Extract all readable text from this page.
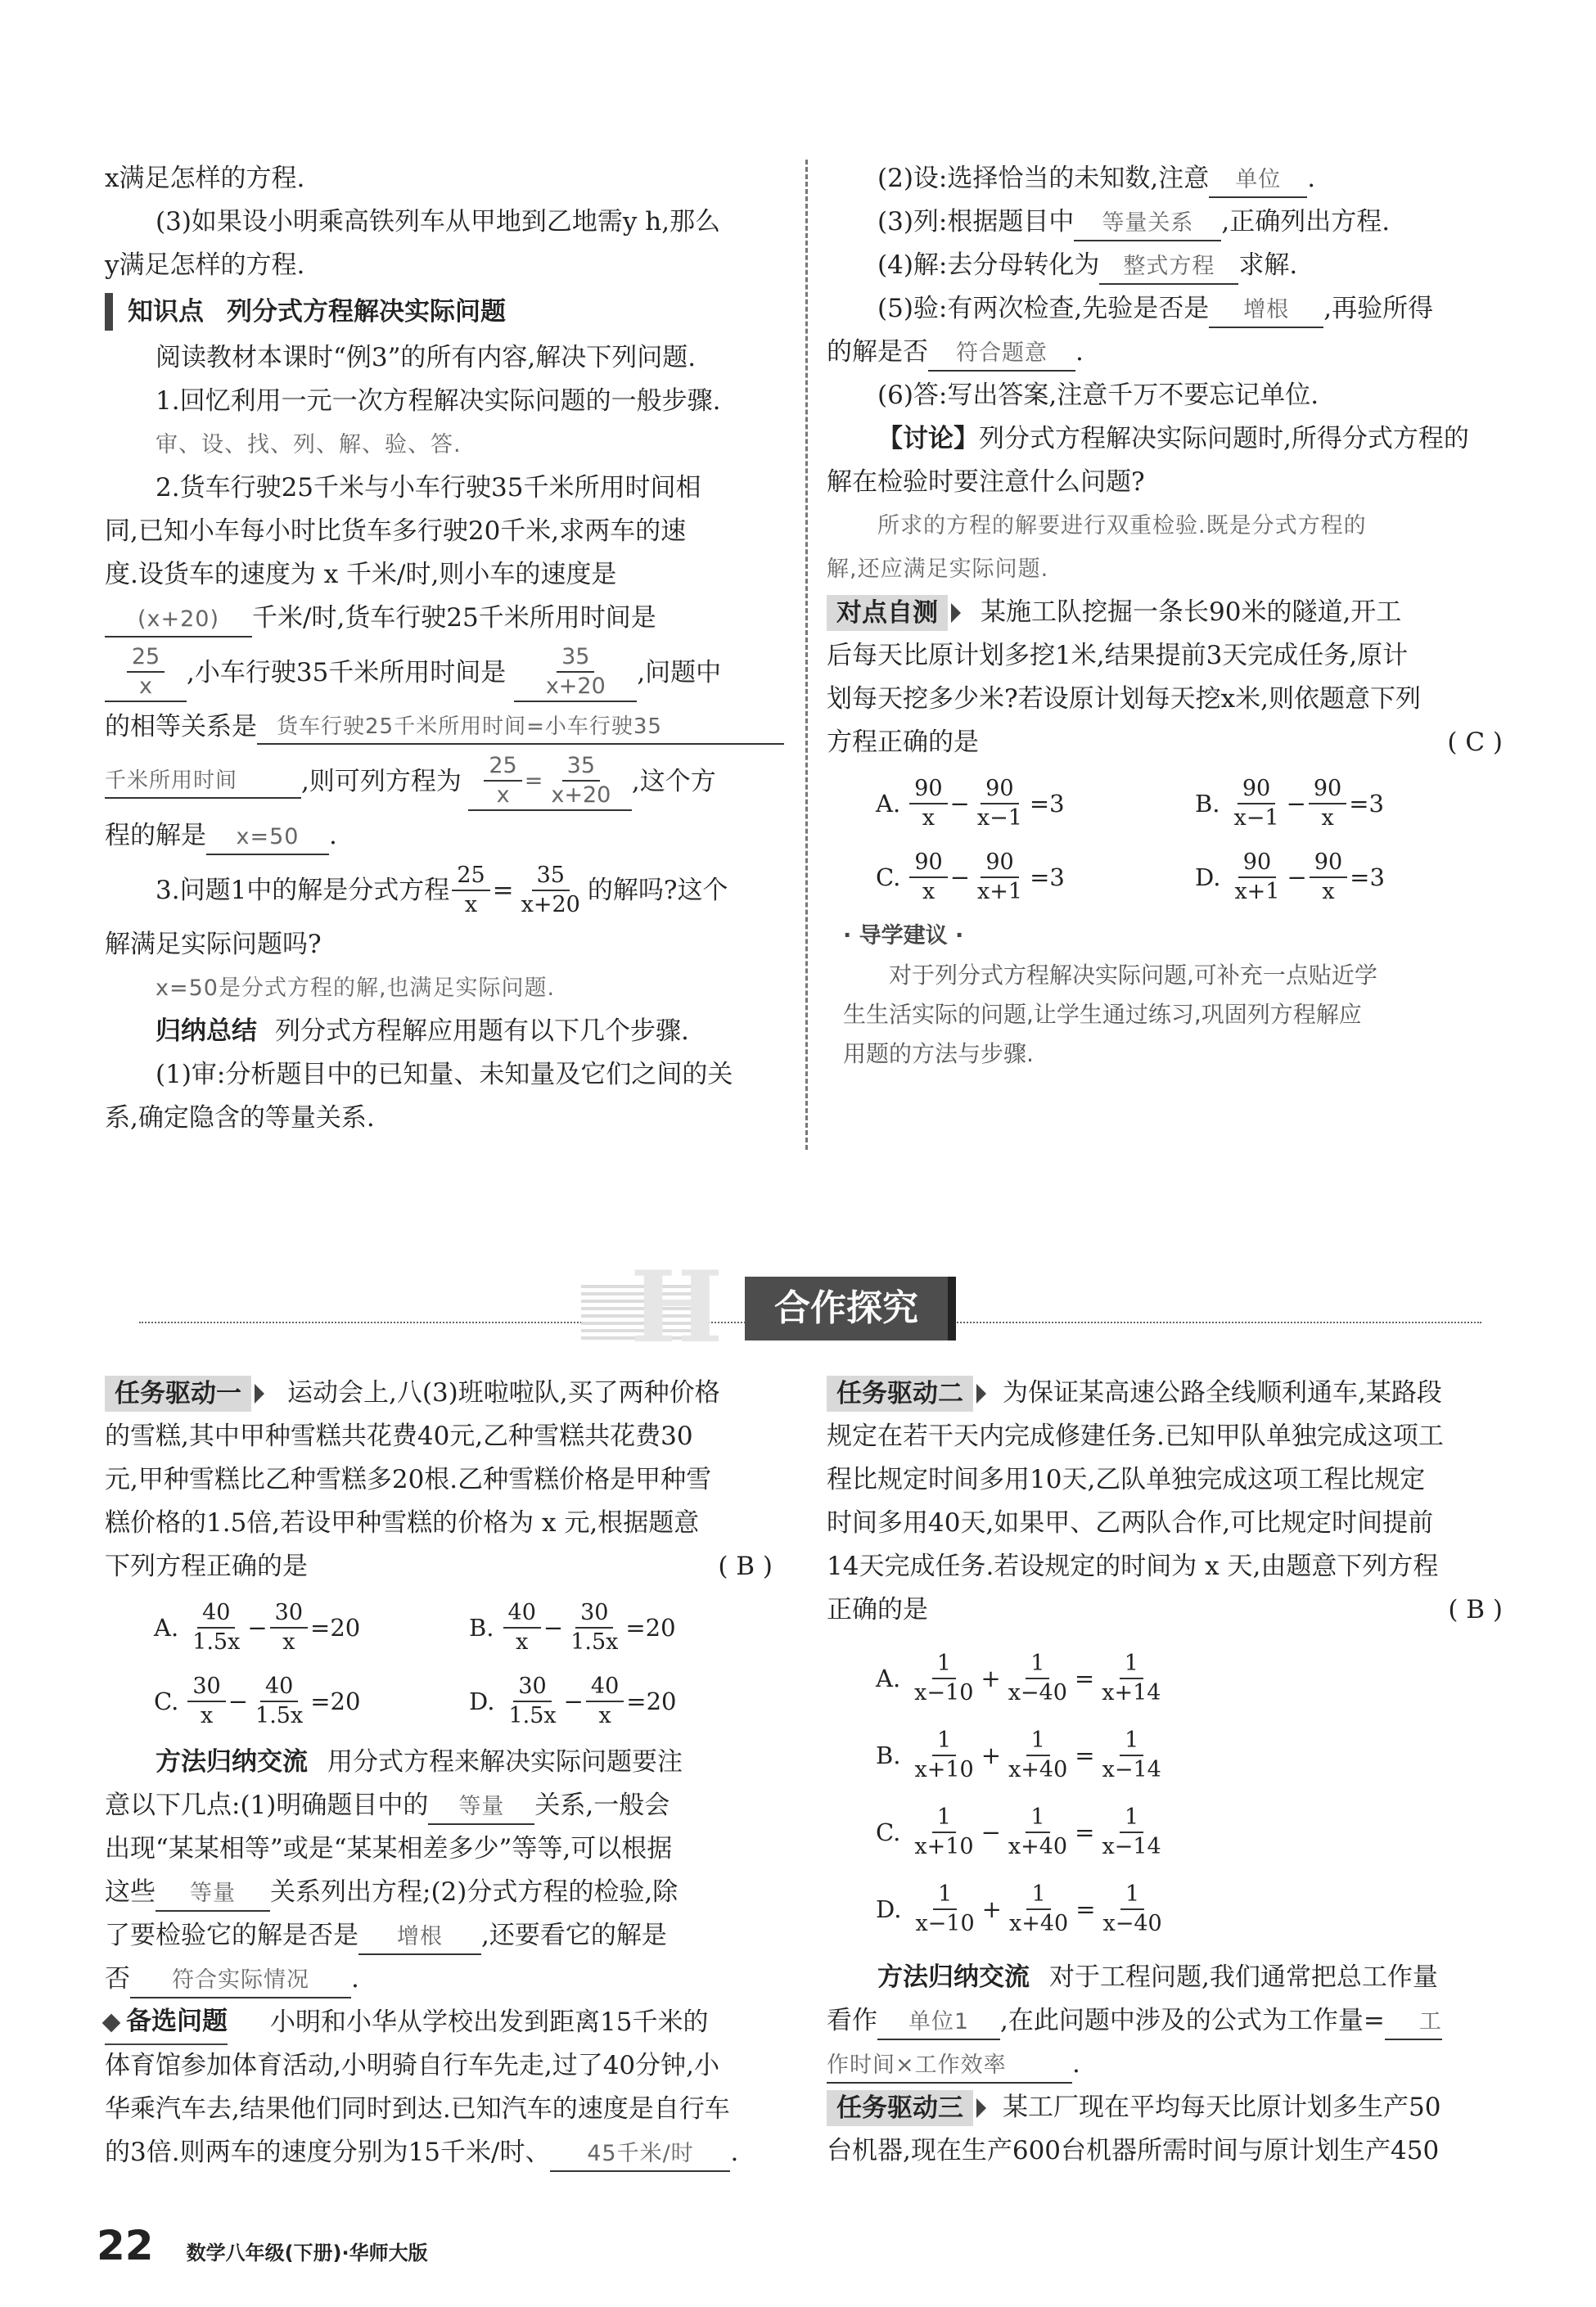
x满足怎样的方程.
(3)如果设小明乘高铁列车从甲地到乙地需y h,那么
y满足怎样的方程.
知识点 列分式方程解决实际问题
阅读教材本课时“例3”的所有内容,解决下列问题.
1.回忆利用一元一次方程解决实际问题的一般步骤.
审、设、找、列、解、验、答.
2.货车行驶25千米与小车行驶35千米所用时间相
同,已知小车每小时比货车多行驶20千米,求两车的速
度.设货车的速度为 x 千米/时,则小车的速度是
(x+20) 千米/时,货车行驶25千米所用时间是
$\frac{25}{x}$ ,小车行驶35千米所用时间是 $\frac{35}{x+20}$ ,问题中
的相等关系是 货车行驶25千米所用时间=小车行驶35
千米所用时间	,则可列方程为 $\frac{25}{x} = \frac{35}{x+20}$ ,这个方
程的解是 x=50 .
3.问题1中的解是分式方程 $\frac{25}{x} = \frac{35}{x+20}$ 的解吗?这个
解满足实际问题吗?
x=50是分式方程的解,也满足实际问题.
归纳总结 列分式方程解应用题有以下几个步骤.
(1)审:分析题目中的已知量、未知量及它们之间的关
系,确定隐含的等量关系.
(2)设:选择恰当的未知数,注意 单位 .
(3)列:根据题目中 等量关系 ,正确列出方程.
(4)解:去分母转化为 整式方程 求解.
(5)验:有两次检查,先验是否是 增根 ,再验所得
的解是否 符合题意 .
(6)答:写出答案,注意千万不要忘记单位.
【讨论】列分式方程解决实际问题时,所得分式方程的
解在检验时要注意什么问题?
所求的方程的解要进行双重检验.既是分式方程的
解,还应满足实际问题.
对点自测	某施工队挖掘一条长90米的隧道,开工
后每天比原计划多挖1米,结果提前3天完成任务,原计
划每天挖多少米?若设原计划每天挖x米,则依题意下列
方程正确的是	( C )
A. $\frac{90}{x} - \frac{90}{x-1} =3$	B. $\frac{90}{x-1} - \frac{90}{x} =3$
C. $\frac{90}{x} - \frac{90}{x+1} =3$	D. $\frac{90}{x+1} - \frac{90}{x} =3$
· 导学建议 ·
对于列分式方程解决实际问题,可补充一点贴近学
生生活实际的问题,让学生通过练习,巩固列方程解应
用题的方法与步骤.
H	合作探究
任务驱动一	运动会上,八(3)班啦啦队,买了两种价格
的雪糕,其中甲种雪糕共花费40元,乙种雪糕共花费30
元,甲种雪糕比乙种雪糕多20根.乙种雪糕价格是甲种雪
糕价格的1.5倍,若设甲种雪糕的价格为 x 元,根据题意
下列方程正确的是	( B )
A. $\frac{40}{1.5x} - \frac{30}{x} =20$	B. $\frac{40}{x} - \frac{30}{1.5x} =20$
C. $\frac{30}{x} - \frac{40}{1.5x} =20$	D. $\frac{30}{1.5x} - \frac{40}{x} =20$
方法归纳交流 用分式方程来解决实际问题要注
意以下几点:(1)明确题目中的 等量 关系,一般会
出现“某某相等”或是“某某相差多少”等等,可以根据
这些 等量 关系列出方程;(2)分式方程的检验,除
了要检验它的解是否是 增根 ,还要看它的解是
否 符合实际情况 .
备选问题 小明和小华从学校出发到距离15千米的
体育馆参加体育活动,小明骑自行车先走,过了40分钟,小
华乘汽车去,结果他们同时到达.已知汽车的速度是自行车
的3倍.则两车的速度分别为15千米/时、 45千米/时 .
任务驱动二	为保证某高速公路全线顺利通车,某路段
规定在若干天内完成修建任务.已知甲队单独完成这项工
程比规定时间多用10天,乙队单独完成这项工程比规定
时间多用40天,如果甲、乙两队合作,可比规定时间提前
14天完成任务.若设规定的时间为 x 天,由题意下列方程
正确的是	( B )
A. $\frac{1}{x-10} + \frac{1}{x-40} = \frac{1}{x+14}$
B. $\frac{1}{x+10} + \frac{1}{x+40} = \frac{1}{x-14}$
C. $\frac{1}{x+10} - \frac{1}{x+40} = \frac{1}{x-14}$
D. $\frac{1}{x-10} + \frac{1}{x+40} = \frac{1}{x-40}$
方法归纳交流 对于工程问题,我们通常把总工作量
看作 单位1 ,在此问题中涉及的公式为工作量= 工
作时间×工作效率	.
任务驱动三	某工厂现在平均每天比原计划多生产50
台机器,现在生产600台机器所需时间与原计划生产450
22 数学八年级(下册)·华师大版
